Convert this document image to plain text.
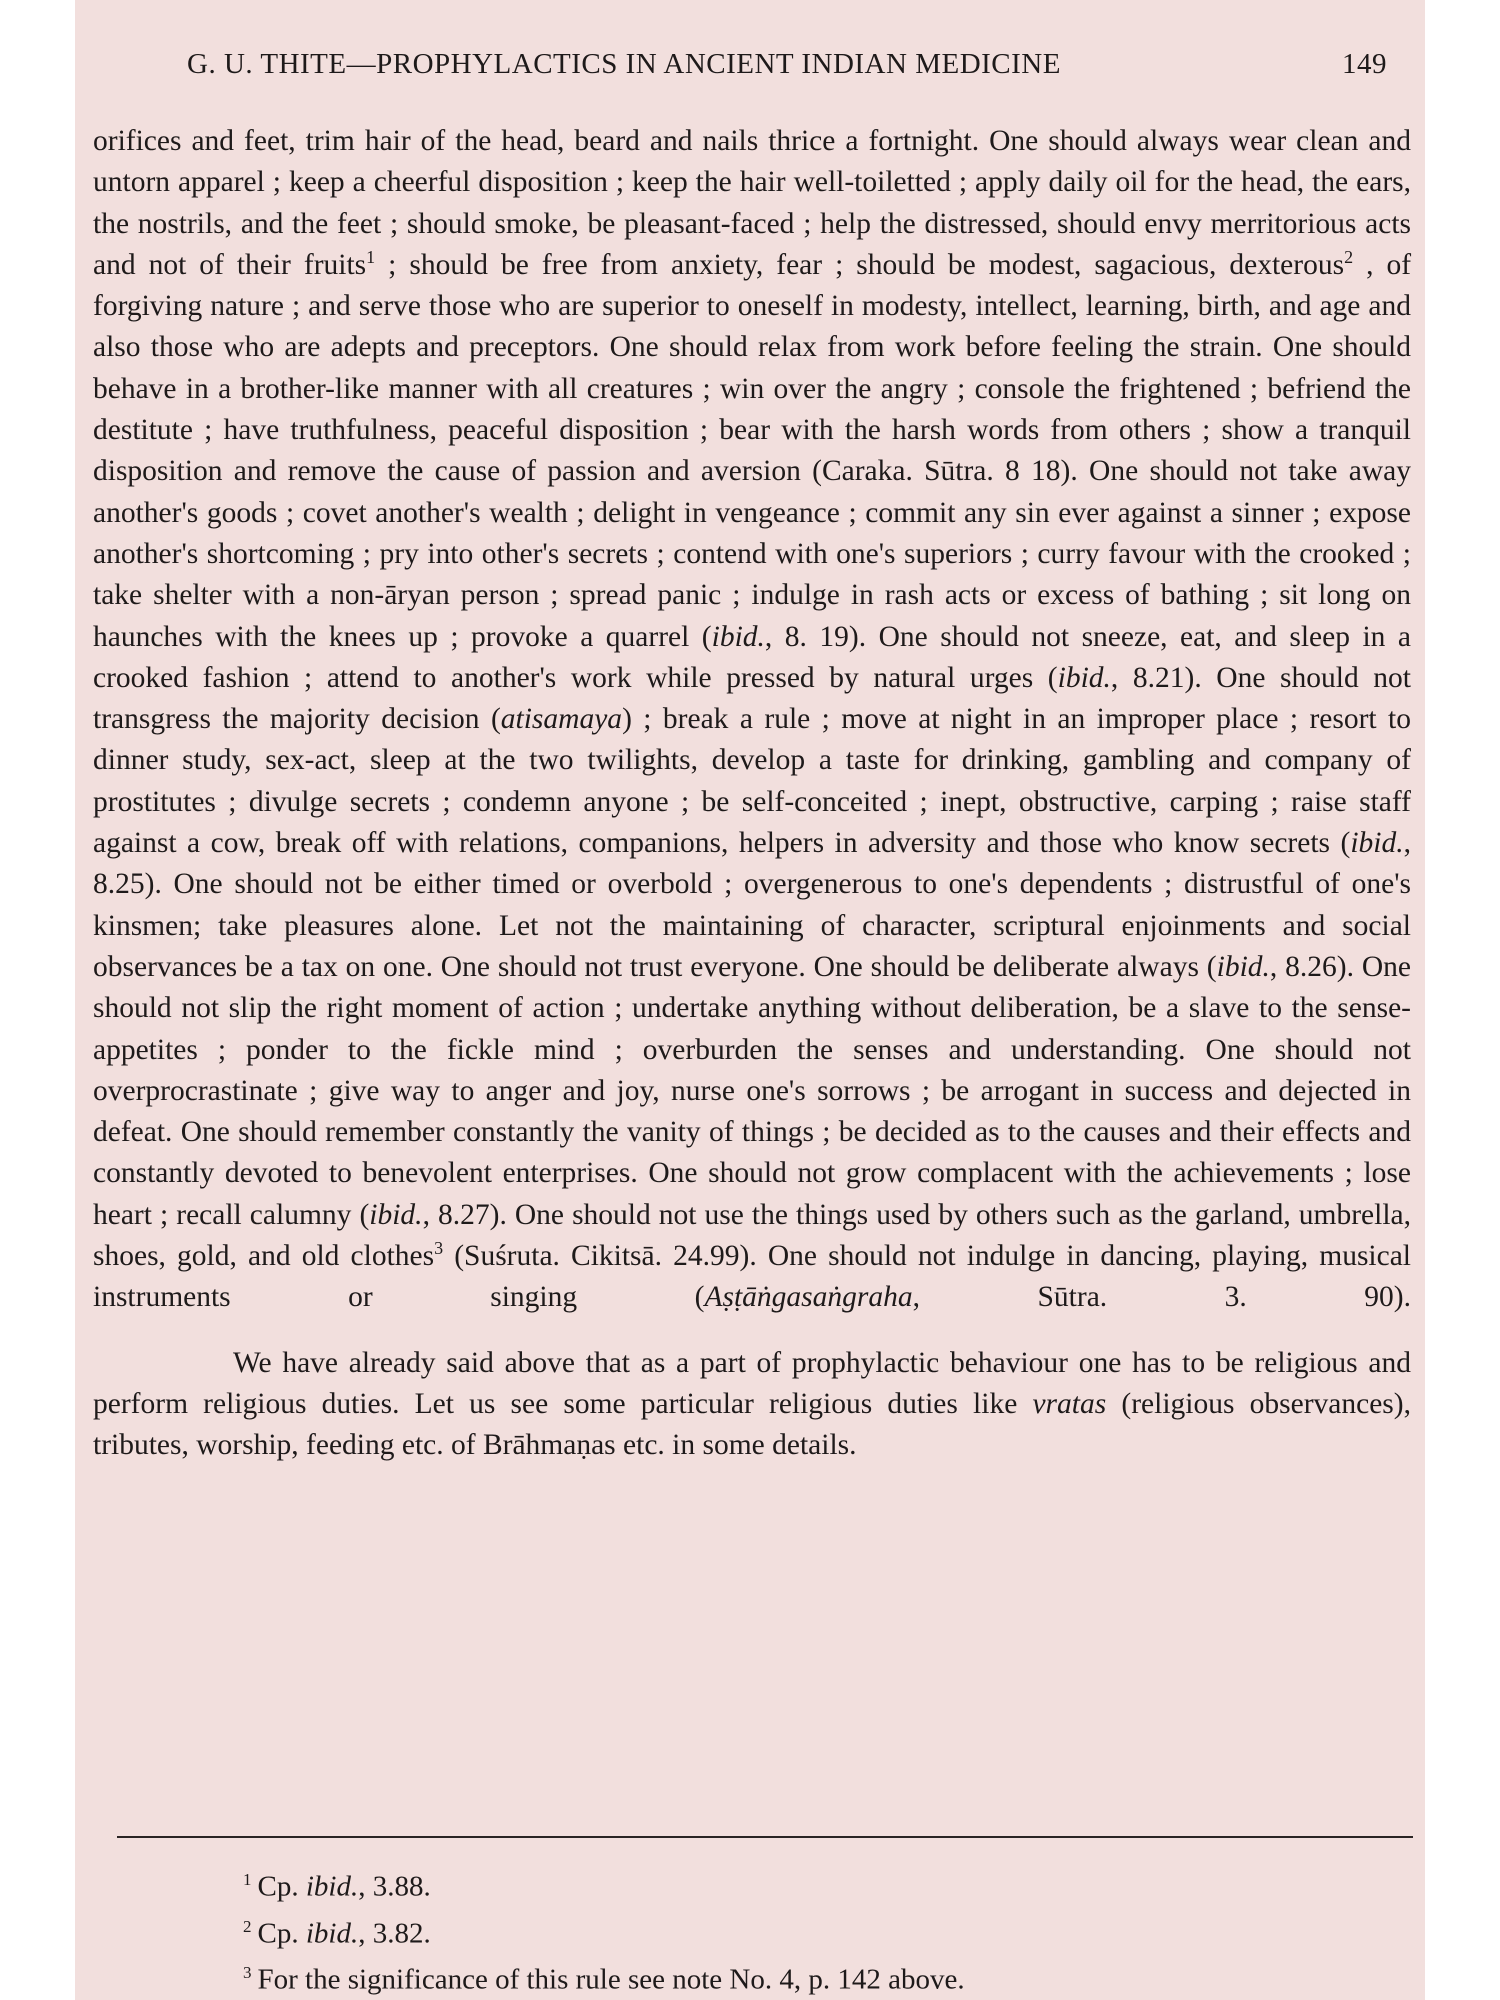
G. U. THITE—PROPHYLACTICS IN ANCIENT INDIAN MEDICINE	149

orifices and feet, trim hair of the head, beard and nails thrice a fortnight. One should always wear clean and untorn apparel ; keep a cheerful disposition ; keep the hair well-toiletted ; apply daily oil for the head, the ears, the nostrils, and the feet ; should smoke, be pleasant-faced ; help the distressed, should envy merritorious acts and not of their fruits$^1$ ; should be free from anxiety, fear ; should be modest, sagacious, dexterous$^2$ , of forgiving nature ; and serve those who are superior to oneself in modesty, intellect, learning, birth, and age and also those who are adepts and preceptors. One should relax from work before feeling the strain. One should behave in a brother-like manner with all creatures ; win over the angry ; console the frightened ; befriend the destitute ; have truthfulness, peaceful disposition ; bear with the harsh words from others ; show a tranquil disposition and remove the cause of passion and aversion (Caraka. Sūtra. 8 18). One should not take away another's goods ; covet another's wealth ; delight in vengeance ; commit any sin ever against a sinner ; expose another's shortcoming ; pry into other's secrets ; contend with one's superiors ; curry favour with the crooked ; take shelter with a non-āryan person ; spread panic ; indulge in rash acts or excess of bathing ; sit long on haunches with the knees up ; provoke a quarrel (ibid., 8. 19). One should not sneeze, eat, and sleep in a crooked fashion ; attend to another's work while pressed by natural urges (ibid., 8.21). One should not transgress the majority decision (atisamaya) ; break a rule ; move at night in an improper place ; resort to dinner study, sex-act, sleep at the two twilights, develop a taste for drinking, gambling and company of prostitutes ; divulge secrets ; condemn anyone ; be self-conceited ; inept, obstructive, carping ; raise staff against a cow, break off with relations, companions, helpers in adversity and those who know secrets (ibid., 8.25). One should not be either timed or overbold ; overgenerous to one's dependents ; distrustful of one's kinsmen; take pleasures alone. Let not the maintaining of character, scriptural enjoinments and social observances be a tax on one. One should not trust everyone. One should be deliberate always (ibid., 8.26). One should not slip the right moment of action ; undertake anything without deliberation, be a slave to the sense-appetites ; ponder to the fickle mind ; overburden the senses and understanding. One should not overprocrastinate ; give way to anger and joy, nurse one's sorrows ; be arrogant in success and dejected in defeat. One should remember constantly the vanity of things ; be decided as to the causes and their effects and constantly devoted to benevolent enterprises. One should not grow complacent with the achievements ; lose heart ; recall calumny (ibid., 8.27). One should not use the things used by others such as the garland, umbrella, shoes, gold, and old clothes$^3$ (Suśruta. Cikitsā. 24.99). One should not indulge in dancing, playing, musical instruments or singing (Aṣṭāṅgasaṅgraha, Sūtra. 3. 90).

We have already said above that as a part of prophylactic behaviour one has to be religious and perform religious duties. Let us see some particular religious duties like vratas (religious observances), tributes, worship, feeding etc. of Brāhmaṇas etc. in some details.

$^1$ Cp. ibid., 3.88.
$^2$ Cp. ibid., 3.82.
$^3$ For the significance of this rule see note No. 4, p. 142 above.
